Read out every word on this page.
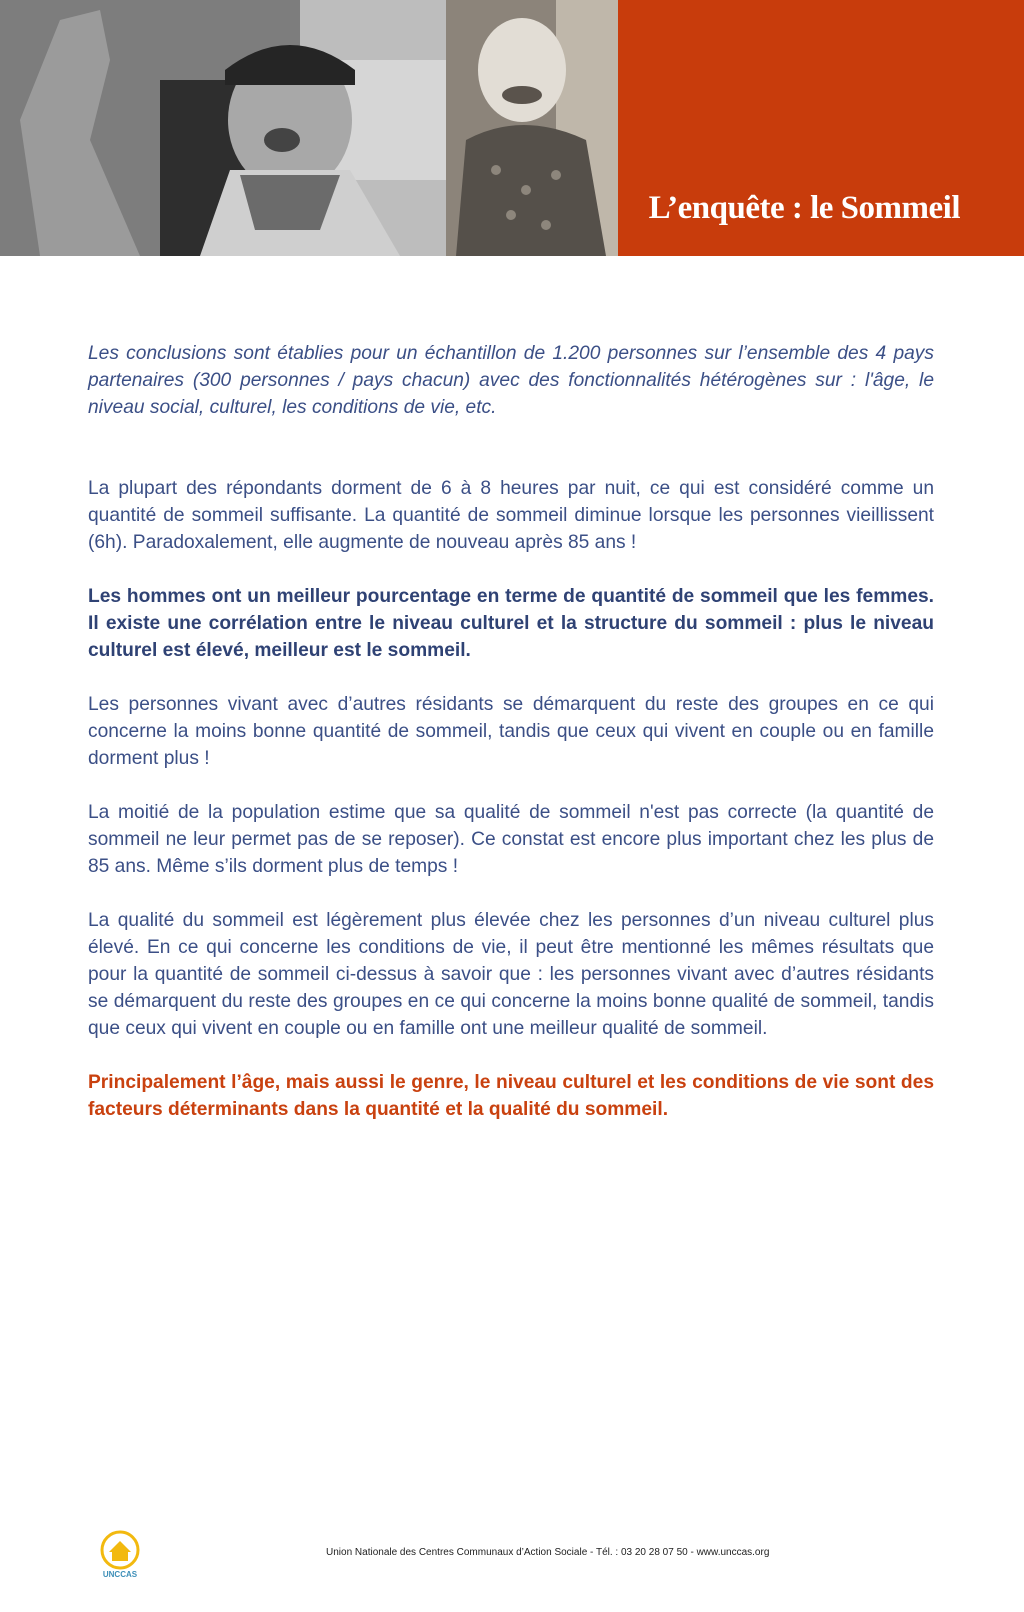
L’enquête : le Sommeil

Les conclusions sont établies pour un échantillon de 1.200 personnes sur l’ensemble des 4 pays partenaires (300 personnes / pays chacun) avec des fonctionnalités hétérogènes sur : l'âge, le niveau social, culturel, les conditions de vie, etc.

La plupart des répondants dorment de 6 à 8 heures par nuit, ce qui est considéré comme un quantité de sommeil suffisante. La quantité de sommeil diminue lorsque les personnes vieillissent (6h). Paradoxalement, elle augmente de nouveau après 85 ans !

Les hommes ont un meilleur pourcentage en terme de quantité de sommeil que les femmes. Il existe une corrélation entre le niveau culturel et la structure du sommeil : plus le niveau culturel est élevé, meilleur est le sommeil.

Les personnes vivant avec d’autres résidants se démarquent du reste des groupes en ce qui concerne la moins bonne quantité de sommeil, tandis que ceux qui vivent en couple ou en famille dorment plus !

La moitié de la population estime que sa qualité de sommeil n'est pas correcte (la quantité de sommeil ne leur permet pas de se reposer). Ce constat est encore plus important chez les plus de 85 ans. Même s’ils dorment plus de temps !

La qualité du sommeil est légèrement plus élevée chez les personnes d’un niveau culturel plus élevé. En ce qui concerne les conditions de vie, il peut être mentionné les mêmes résultats que pour la quantité de sommeil ci-dessus à savoir que : les personnes vivant avec d’autres résidants se démarquent du reste des groupes en ce qui concerne la moins bonne qualité de sommeil, tandis que ceux qui vivent en couple ou en famille ont une meilleur qualité de sommeil.

Principalement l’âge, mais aussi le genre, le niveau culturel et les conditions de vie sont des facteurs déterminants dans la quantité et la qualité du sommeil.

UNCCAS
Union Nationale des Centres Communaux d’Action Sociale - Tél. : 03 20 28 07 50 - www.unccas.org
